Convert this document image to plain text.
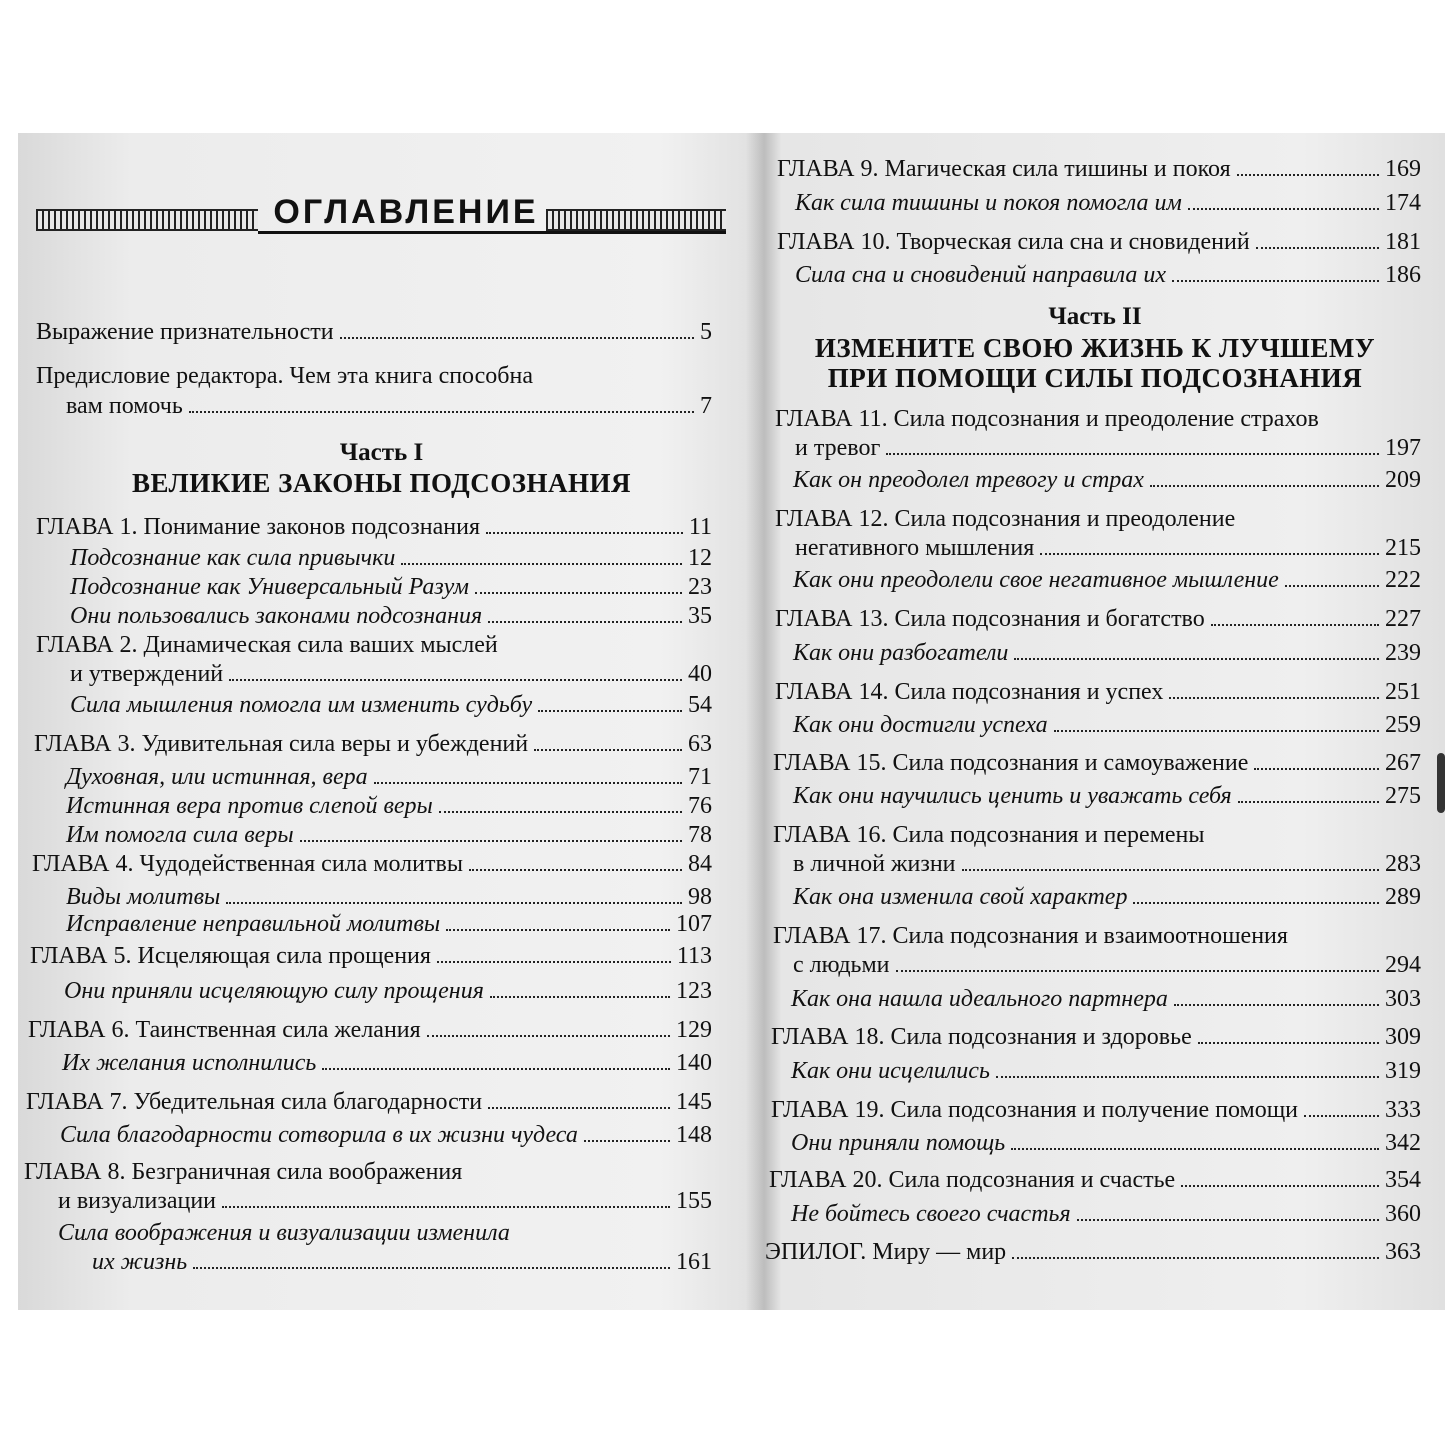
ОГЛАВЛЕНИЕ
Выражение признательности	5
Предисловие редактора. Чем эта книга способна
вам помочь	7
Часть I
ВЕЛИКИЕ ЗАКОНЫ ПОДСОЗНАНИЯ
ГЛАВА 1. Понимание законов подсознания	11
Подсознание как сила привычки	12
Подсознание как Универсальный Разум	23
Они пользовались законами подсознания	35
ГЛАВА 2. Динамическая сила ваших мыслей
и утверждений	40
Сила мышления помогла им изменить судьбу	54
ГЛАВА 3. Удивительная сила веры и убеждений	63
Духовная, или истинная, вера	71
Истинная вера против слепой веры	76
Им помогла сила веры	78
ГЛАВА 4. Чудодейственная сила молитвы	84
Виды молитвы	98
Исправление неправильной молитвы	107
ГЛАВА 5. Исцеляющая сила прощения	113
Они приняли исцеляющую силу прощения	123
ГЛАВА 6. Таинственная сила желания	129
Их желания исполнились	140
ГЛАВА 7. Убедительная сила благодарности	145
Сила благодарности сотворила в их жизни чудеса	148
ГЛАВА 8. Безграничная сила воображения
и визуализации	155
Сила воображения и визуализации изменила
их жизнь	161
ГЛАВА 9. Магическая сила тишины и покоя	169
Как сила тишины и покоя помогла им	174
ГЛАВА 10. Творческая сила сна и сновидений	181
Сила сна и сновидений направила их	186
Часть II
ИЗМЕНИТЕ СВОЮ ЖИЗНЬ К ЛУЧШЕМУ
ПРИ ПОМОЩИ СИЛЫ ПОДСОЗНАНИЯ
ГЛАВА 11. Сила подсознания и преодоление страхов
и тревог	197
Как он преодолел тревогу и страх	209
ГЛАВА 12. Сила подсознания и преодоление
негативного мышления	215
Как они преодолели свое негативное мышление	222
ГЛАВА 13. Сила подсознания и богатство	227
Как они разбогатели	239
ГЛАВА 14. Сила подсознания и успех	251
Как они достигли успеха	259
ГЛАВА 15. Сила подсознания и самоуважение	267
Как они научились ценить и уважать себя	275
ГЛАВА 16. Сила подсознания и перемены
в личной жизни	283
Как она изменила свой характер	289
ГЛАВА 17. Сила подсознания и взаимоотношения
с людьми	294
Как она нашла идеального партнера	303
ГЛАВА 18. Сила подсознания и здоровье	309
Как они исцелились	319
ГЛАВА 19. Сила подсознания и получение помощи	333
Они приняли помощь	342
ГЛАВА 20. Сила подсознания и счастье	354
Не бойтесь своего счастья	360
ЭПИЛОГ. Миру — мир	363
